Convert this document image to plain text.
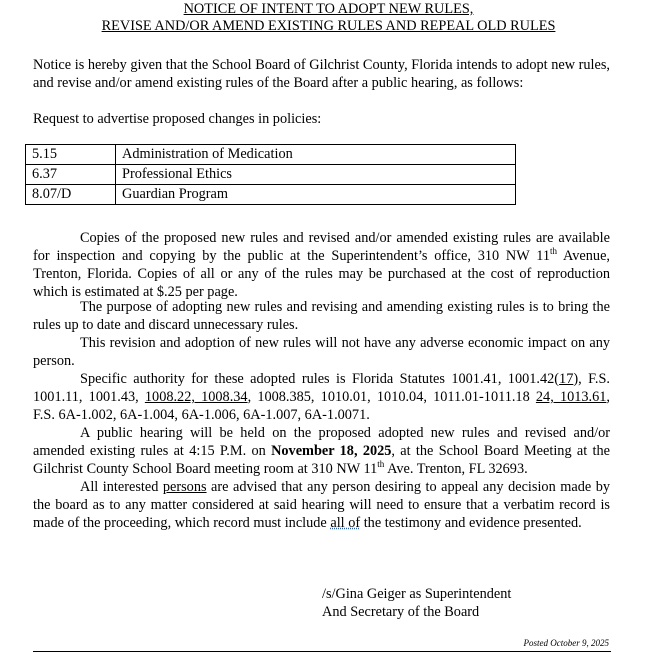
NOTICE OF INTENT TO ADOPT NEW RULES,
REVISE AND/OR AMEND EXISTING RULES AND REPEAL OLD RULES
Notice is hereby given that the School Board of Gilchrist County, Florida intends to adopt new rules, and revise and/or amend existing rules of the Board after a public hearing, as follows:
Request to advertise proposed changes in policies:
5.15	Administration of Medication
6.37	Professional Ethics
8.07/D	Guardian Program
Copies of the proposed new rules and revised and/or amended existing rules are available for inspection and copying by the public at the Superintendent’s office, 310 NW 11th Avenue, Trenton, Florida. Copies of all or any of the rules may be purchased at the cost of reproduction which is estimated at $.25 per page.
The purpose of adopting new rules and revising and amending existing rules is to bring the rules up to date and discard unnecessary rules.
This revision and adoption of new rules will not have any adverse economic impact on any person.
Specific authority for these adopted rules is Florida Statutes 1001.41, 1001.42(17), F.S. 1001.11, 1001.43, 1008.22, 1008.34, 1008.385, 1010.01, 1010.04, 1011.01-1011.18 24, 1013.61, F.S. 6A-1.002, 6A-1.004, 6A-1.006, 6A-1.007, 6A-1.0071.
A public hearing will be held on the proposed adopted new rules and revised and/or amended existing rules at 4:15 P.M. on November 18, 2025, at the School Board Meeting at the Gilchrist County School Board meeting room at 310 NW 11th Ave. Trenton, FL 32693.
All interested persons are advised that any person desiring to appeal any decision made by the board as to any matter considered at said hearing will need to ensure that a verbatim record is made of the proceeding, which record must include all of the testimony and evidence presented.
/s/Gina Geiger as Superintendent
And Secretary of the Board
Posted October 9, 2025
